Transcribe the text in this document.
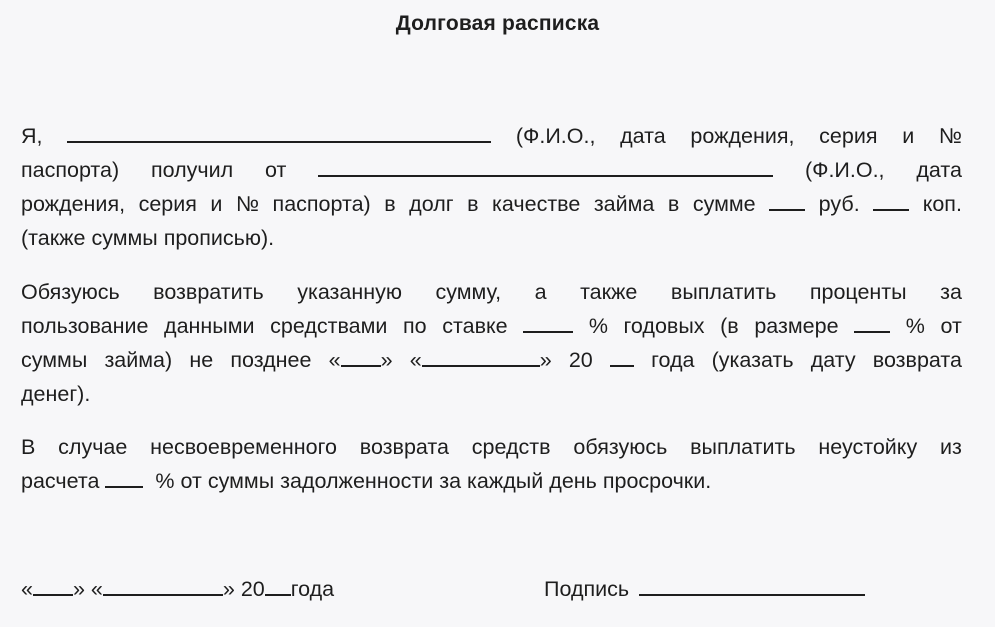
Долговая расписка
Я,	(Ф.И.О., дата рождения, серия и №
паспорта) получил от	(Ф.И.О., дата
рождения, серия и № паспорта) в долг в качестве займа в сумме	руб.	коп.
(также суммы прописью).
Обязуюсь возвратить указанную сумму, а также выплатить проценты за
пользование данными средствами по ставке	% годовых (в размере	% от
суммы займа) не позднее « » «	» 20	года (указать дату возврата
денег).
В случае несвоевременного возврата средств обязуюсь выплатить неустойку из
расчета	% от суммы задолженности за каждый день просрочки.
« » «	» 20 года	Подпись
